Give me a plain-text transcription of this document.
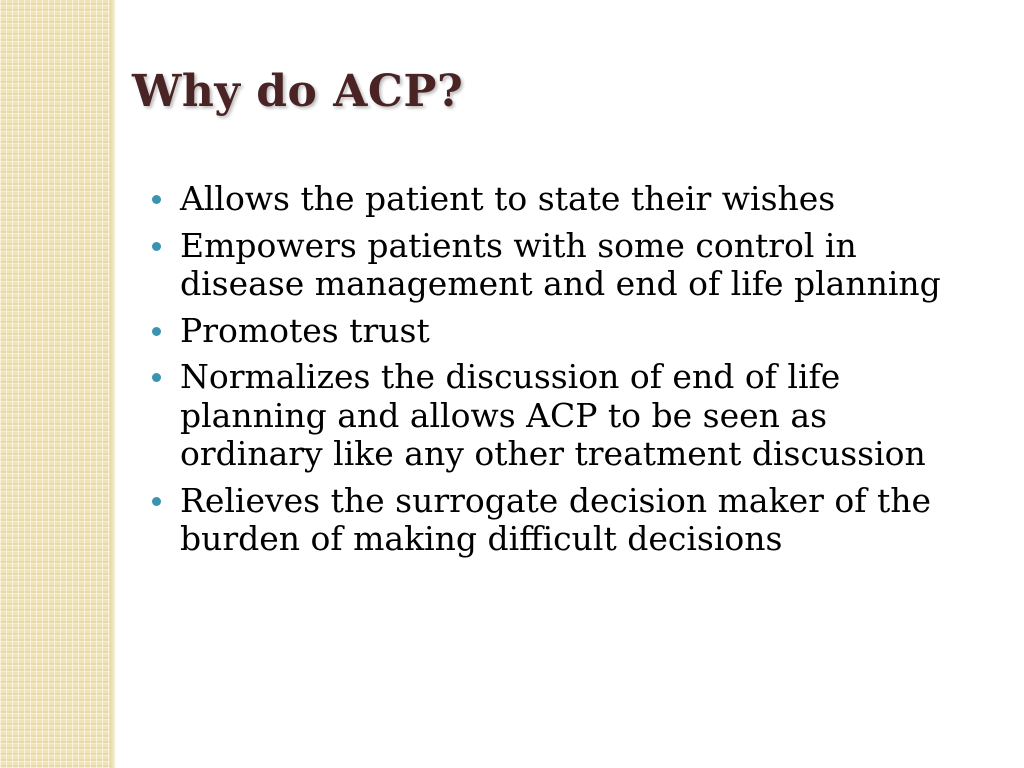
Why do ACP?
Allows the patient to state their wishes
Empowers patients with some control in disease management and end of life planning
Promotes trust
Normalizes the discussion of end of life planning and allows ACP to be seen as ordinary like any other treatment discussion
Relieves the surrogate decision maker of the  burden of making difficult decisions
